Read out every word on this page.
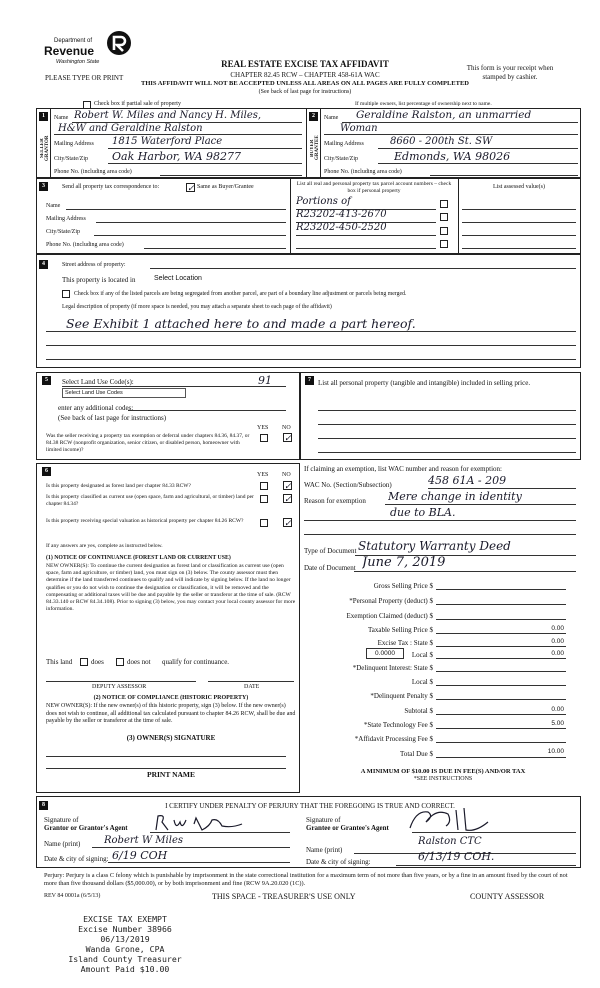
Department of
Revenue
Washington State
PLEASE TYPE OR PRINT
REAL ESTATE EXCISE TAX AFFIDAVIT
CHAPTER 82.45 RCW – CHAPTER 458-61A WAC
THIS AFFIDAVIT WILL NOT BE ACCEPTED UNLESS ALL AREAS ON ALL PAGES ARE FULLY COMPLETED
(See back of last page for instructions)
This form is your receipt when stamped by cashier.
Check box if partial sale of property	If multiple owners, list percentage of ownership next to name.
1	2
SELLER GRANTOR	BUYER GRANTEE
Name Robert W. Miles and Nancy H. Miles,
H&W and Geraldine Ralston
Mailing Address 1815 Waterford Place
City/State/Zip Oak Harbor, WA 98277
Phone No. (including area code)
Name Geraldine Ralston, an unmarried
Woman
Mailing Address	8660 - 200th St. SW
City/State/Zip	Edmonds, WA 98026
Phone No. (including area code)
3	Send all property tax correspondence to:	✓ Same as Buyer/Grantee
Name
Mailing Address
City/State/Zip
Phone No. (including area code)
List all real and personal property tax parcel account numbers – check box if personal property
List assessed value(s)
Portions of
R23202-413-2670
R23202-450-2520
4	Street address of property:
This property is located in	Select Location
Check box if any of the listed parcels are being segregated from another parcel, are part of a boundary line adjustment or parcels being merged.
Legal description of property (if more space is needed, you may attach a separate sheet to each page of the affidavit)
See Exhibit 1 attached here to and made a part hereof.
5	Select Land Use Code(s):	91
Select Land Use Codes
enter any additional codes:
(See back of last page for instructions)
YES NO
Was the seller receiving a property tax exemption or deferral under chapters 84.36, 84.37, or 84.38 RCW (nonprofit organization, senior citizen, or disabled person, homeowner with limited income)?
✓
6
YES NO
Is this property designated as forest land per chapter 84.33 RCW?	✓
Is this property classified as current use (open space, farm and agricultural, or timber) land per chapter 84.34?	✓
Is this property receiving special valuation as historical property per chapter 84.26 RCW?	✓
If any answers are yes, complete as instructed below.
(1) NOTICE OF CONTINUANCE (FOREST LAND OR CURRENT USE)
NEW OWNER(S): To continue the current designation as forest land or classification as current use (open space, farm and agriculture, or timber) land, you must sign on (3) below. The county assessor must then determine if the land transferred continues to qualify and will indicate by signing below. If the land no longer qualifies or you do not wish to continue the designation or classification, it will be removed and the compensating or additional taxes will be due and payable by the seller or transferor at the time of sale. (RCW 84.33.140 or RCW 84.34.108). Prior to signing (3) below, you may contact your local county assessor for more information.
This land	does	does not qualify for continuance.
DEPUTY ASSESSOR	DATE
(2) NOTICE OF COMPLIANCE (HISTORIC PROPERTY)
NEW OWNER(S): If the new owner(s) of this historic property, sign (3) below. If the new owner(s) does not wish to continue, all additional tax calculated pursuant to chapter 84.26 RCW, shall be due and payable by the seller or transferor at the time of sale.
(3) OWNER(S) SIGNATURE
PRINT NAME
7	List all personal property (tangible and intangible) included in selling price.
If claiming an exemption, list WAC number and reason for exemption:
WAC No. (Section/Subsection)	458 61A - 209
Reason for exemption Mere change in identity
due to BLA.
Type of Document Statutory Warranty Deed
Date of Document June 7, 2019
Gross Selling Price $
*Personal Property (deduct) $
Exemption Claimed (deduct) $
Taxable Selling Price $	0.00
Excise Tax : State $	0.00
0.0000	Local $	0.00
*Delinquent Interest: State $
Local $
*Delinquent Penalty $
Subtotal $	0.00
*State Technology Fee $	5.00
*Affidavit Processing Fee $
Total Due $	10.00
A MINIMUM OF $10.00 IS DUE IN FEE(S) AND/OR TAX
*SEE INSTRUCTIONS
8	I CERTIFY UNDER PENALTY OF PERJURY THAT THE FOREGOING IS TRUE AND CORRECT.
Signature of
Grantor or Grantor's Agent
Name (print) Robert W Miles
Date & city of signing: 6/19 COH
Signature of
Grantee or Grantee's Agent
Name (print)
Ralston CTC
Date & city of signing:	6/13/19 COH.
Perjury: Perjury is a class C felony which is punishable by imprisonment in the state correctional institution for a maximum term of not more than five years, or by a fine in an amount fixed by the court of not more than five thousand dollars ($5,000.00), or by both imprisonment and fine (RCW 9A.20.020 (1C)).
REV 84 0001a (6/5/13)	THIS SPACE - TREASURER'S USE ONLY	COUNTY ASSESSOR
EXCISE TAX EXEMPT
Excise Number 38966
06/13/2019
Wanda Grone, CPA
Island County Treasurer
Amount Paid $10.00
